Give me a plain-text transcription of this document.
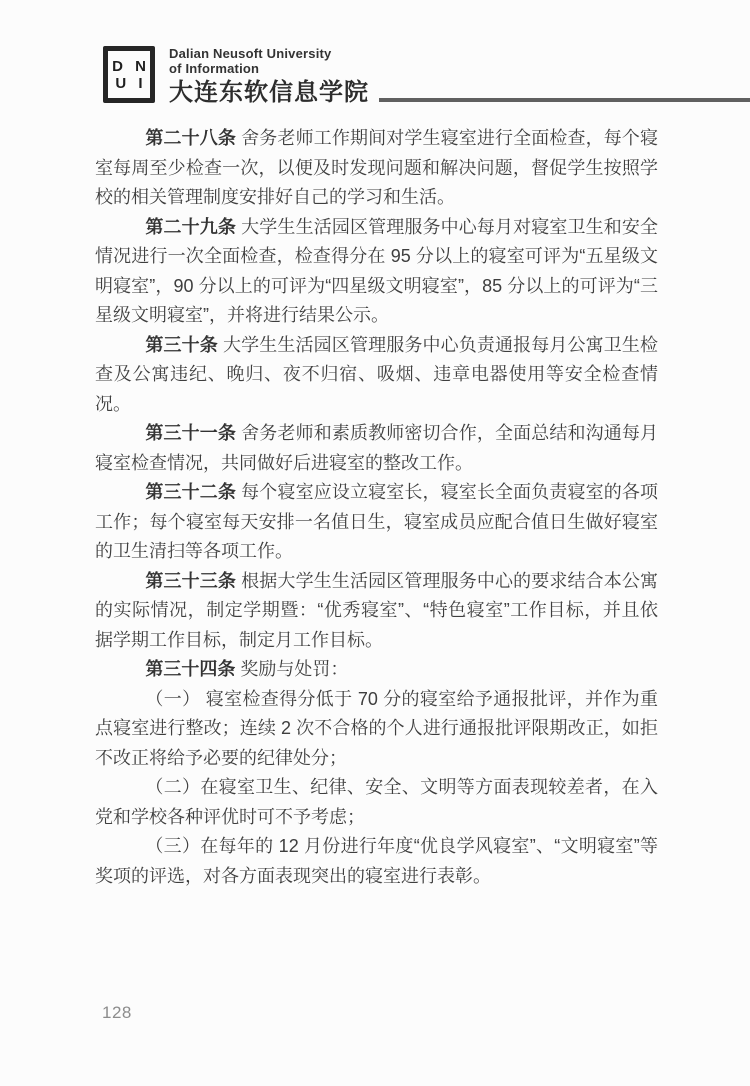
D N
U I
Dalian Neusoft University
of Information
大连东软信息学院

第二十八条 舍务老师工作期间对学生寝室进行全面检查，每个寝室每周至少检查一次，以便及时发现问题和解决问题，督促学生按照学校的相关管理制度安排好自己的学习和生活。

第二十九条 大学生生活园区管理服务中心每月对寝室卫生和安全情况进行一次全面检查，检查得分在 95 分以上的寝室可评为“五星级文明寝室”，90 分以上的可评为“四星级文明寝室”，85 分以上的可评为“三星级文明寝室”，并将进行结果公示。

第三十条 大学生生活园区管理服务中心负责通报每月公寓卫生检查及公寓违纪、晚归、夜不归宿、吸烟、违章电器使用等安全检查情况。

第三十一条 舍务老师和素质教师密切合作，全面总结和沟通每月寝室检查情况，共同做好后进寝室的整改工作。

第三十二条 每个寝室应设立寝室长，寝室长全面负责寝室的各项工作；每个寝室每天安排一名值日生，寝室成员应配合值日生做好寝室的卫生清扫等各项工作。

第三十三条 根据大学生生活园区管理服务中心的要求结合本公寓的实际情况，制定学期暨：“优秀寝室”、“特色寝室”工作目标，并且依据学期工作目标，制定月工作目标。

第三十四条 奖励与处罚：

（一） 寝室检查得分低于 70 分的寝室给予通报批评，并作为重点寝室进行整改；连续 2 次不合格的个人进行通报批评限期改正，如拒不改正将给予必要的纪律处分；

（二）在寝室卫生、纪律、安全、文明等方面表现较差者，在入党和学校各种评优时可不予考虑；

（三）在每年的 12 月份进行年度“优良学风寝室”、“文明寝室”等奖项的评选，对各方面表现突出的寝室进行表彰。

128
